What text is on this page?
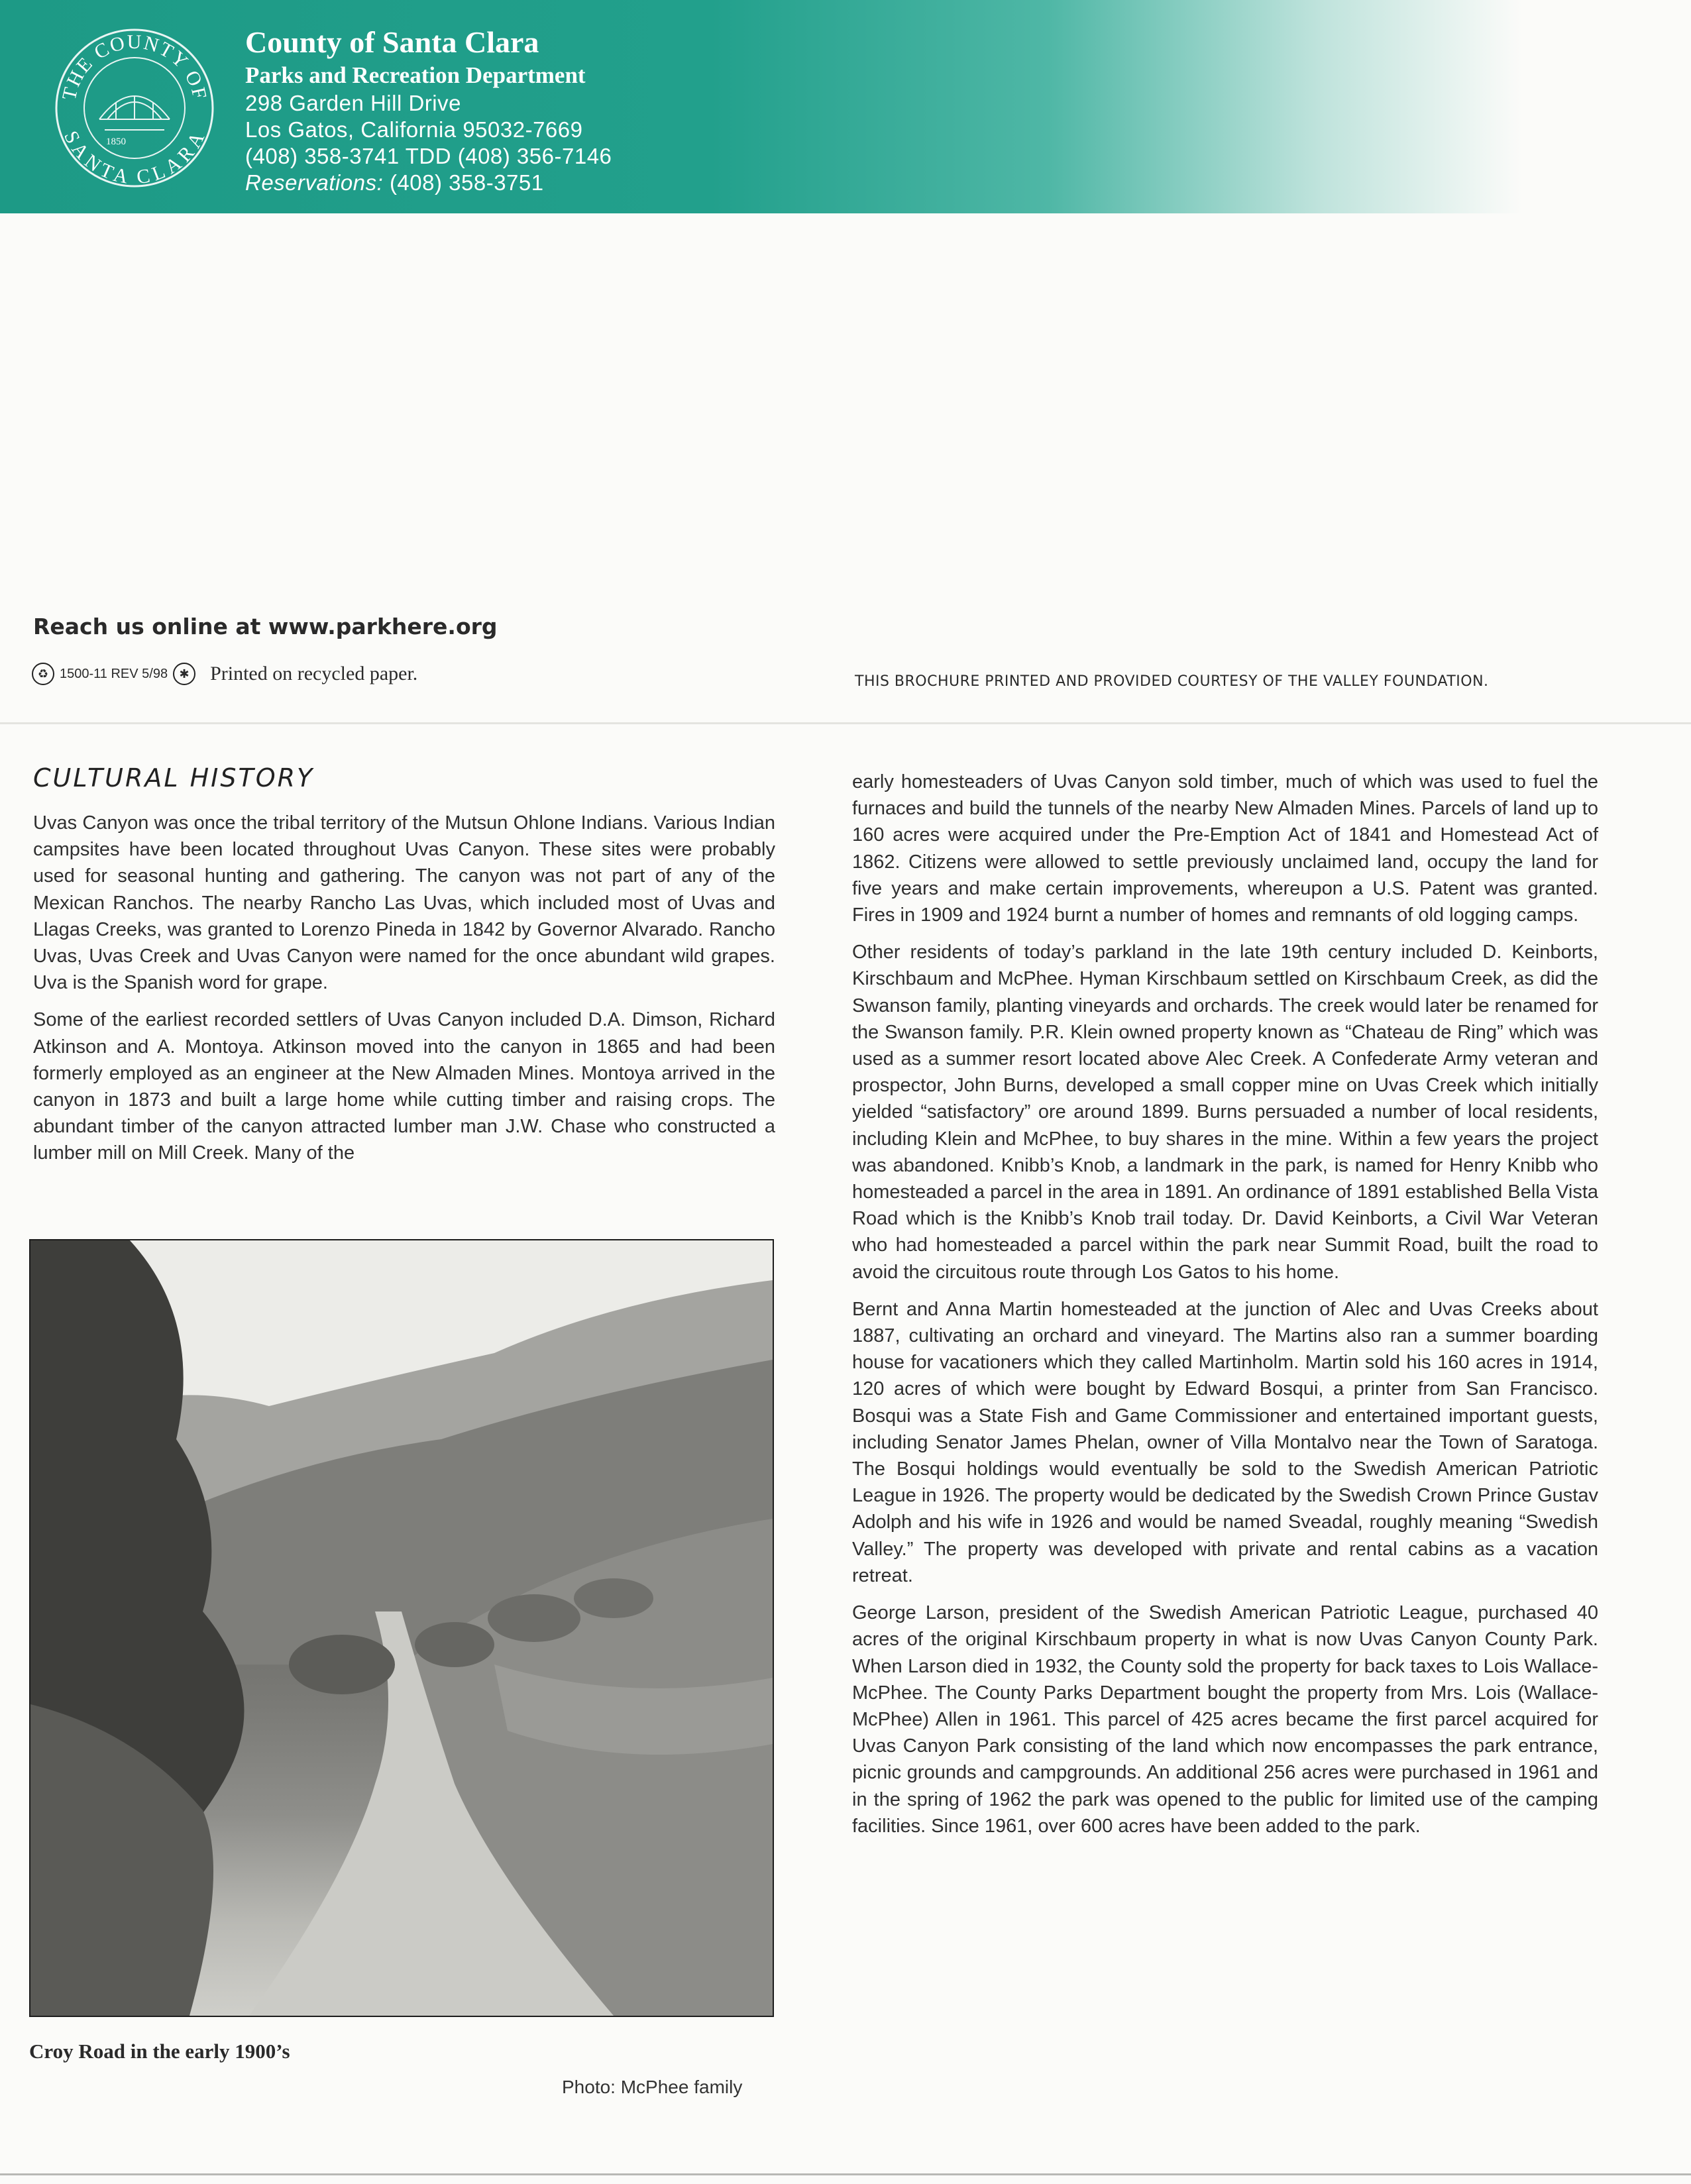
THE COUNTY OF
SANTA CLARA
1850
County of Santa Clara
Parks and Recreation Department
298 Garden Hill Drive
Los Gatos, California 95032-7669
(408) 358-3741 TDD (408) 356-7146
Reservations: (408) 358-3751
Reach us online at www.parkhere.org
♻ 1500-11 REV 5/98 ✱	Printed on recycled paper.	THIS BROCHURE PRINTED AND PROVIDED COURTESY OF THE VALLEY FOUNDATION.
CULTURAL HISTORY

Uvas Canyon was once the tribal territory of the Mutsun Ohlone Indians. Various Indian campsites have been located throughout Uvas Canyon. These sites were probably used for seasonal hunting and gathering. The canyon was not part of any of the Mexican Ranchos. The nearby Rancho Las Uvas, which included most of Uvas and Llagas Creeks, was granted to Lorenzo Pineda in 1842 by Governor Alvarado. Rancho Uvas, Uvas Creek and Uvas Canyon were named for the once abundant wild grapes. Uva is the Spanish word for grape.

Some of the earliest recorded settlers of Uvas Canyon included D.A. Dimson, Richard Atkinson and A. Montoya. Atkinson moved into the canyon in 1865 and had been formerly employed as an engineer at the New Almaden Mines. Montoya arrived in the canyon in 1873 and built a large home while cutting timber and raising crops. The abundant timber of the canyon attracted lumber man J.W. Chase who constructed a lumber mill on Mill Creek. Many of the

early homesteaders of Uvas Canyon sold timber, much of which was used to fuel the furnaces and build the tunnels of the nearby New Almaden Mines. Parcels of land up to 160 acres were acquired under the Pre-Emption Act of 1841 and Homestead Act of 1862. Citizens were allowed to settle previously unclaimed land, occupy the land for five years and make certain improvements, whereupon a U.S. Patent was granted. Fires in 1909 and 1924 burnt a number of homes and remnants of old logging camps.

Other residents of today’s parkland in the late 19th century included D. Keinborts, Kirschbaum and McPhee. Hyman Kirschbaum settled on Kirschbaum Creek, as did the Swanson family, planting vineyards and orchards. The creek would later be renamed for the Swanson family. P.R. Klein owned property known as “Chateau de Ring” which was used as a summer resort located above Alec Creek. A Confederate Army veteran and prospector, John Burns, developed a small copper mine on Uvas Creek which initially yielded “satisfactory” ore around 1899. Burns persuaded a number of local residents, including Klein and McPhee, to buy shares in the mine. Within a few years the project was abandoned. Knibb’s Knob, a landmark in the park, is named for Henry Knibb who homesteaded a parcel in the area in 1891. An ordinance of 1891 established Bella Vista Road which is the Knibb’s Knob trail today. Dr. David Keinborts, a Civil War Veteran who had homesteaded a parcel within the park near Summit Road, built the road to avoid the circuitous route through Los Gatos to his home.

Bernt and Anna Martin homesteaded at the junction of Alec and Uvas Creeks about 1887, cultivating an orchard and vineyard. The Martins also ran a summer boarding house for vacationers which they called Martinholm. Martin sold his 160 acres in 1914, 120 acres of which were bought by Edward Bosqui, a printer from San Francisco. Bosqui was a State Fish and Game Commissioner and entertained important guests, including Senator James Phelan, owner of Villa Montalvo near the Town of Saratoga. The Bosqui holdings would eventually be sold to the Swedish American Patriotic League in 1926. The property would be dedicated by the Swedish Crown Prince Gustav Adolph and his wife in 1926 and would be named Sveadal, roughly meaning “Swedish Valley.” The property was developed with private and rental cabins as a vacation retreat.

George Larson, president of the Swedish American Patriotic League, purchased 40 acres of the original Kirschbaum property in what is now Uvas Canyon County Park. When Larson died in 1932, the County sold the property for back taxes to Lois Wallace-McPhee. The County Parks Department bought the property from Mrs. Lois (Wallace-McPhee) Allen in 1961. This parcel of 425 acres became the first parcel acquired for Uvas Canyon Park consisting of the land which now encompasses the park entrance, picnic grounds and campgrounds. An additional 256 acres were purchased in 1961 and in the spring of 1962 the park was opened to the public for limited use of the camping facilities. Since 1961, over 600 acres have been added to the park.

Croy Road in the early 1900’s
Photo: McPhee family
